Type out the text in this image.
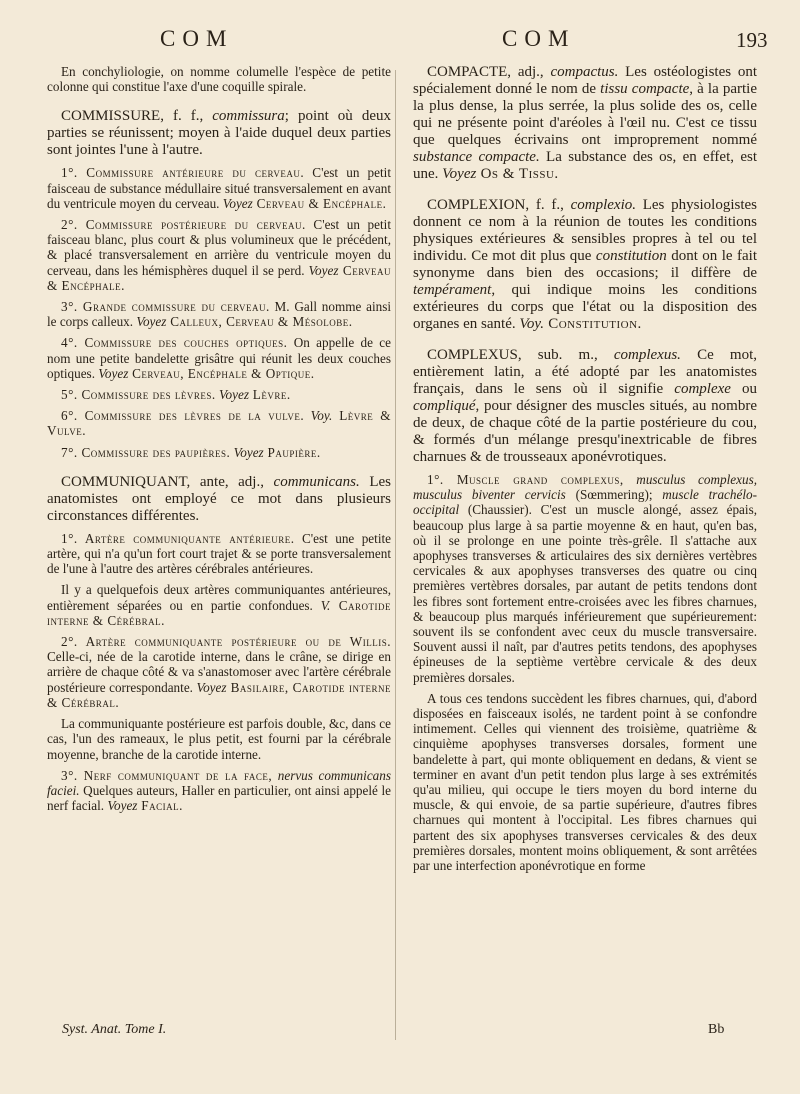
COM	COM	193

En conchyliologie, on nomme columelle l'espèce de petite colonne qui constitue l'axe d'une coquille spirale.

COMMISSURE, f. f., commissura; point où deux parties se réunissent; moyen à l'aide duquel deux parties sont jointes l'une à l'autre.

1°. Commissure antérieure du cerveau. C'est un petit faisceau de substance médullaire situé transversalement en avant du ventricule moyen du cerveau. Voyez Cerveau & Encéphale.

2°. Commissure postérieure du cerveau. C'est un petit faisceau blanc, plus court & plus volumineux que le précédent, & placé transversalement en arrière du ventricule moyen du cerveau, dans les hémisphères duquel il se perd. Voyez Cerveau & Encéphale.

3°. Grande commissure du cerveau. M. Gall nomme ainsi le corps calleux. Voyez Calleux, Cerveau & Mésolobe.

4°. Commissure des couches optiques. On appelle de ce nom une petite bandelette grisâtre qui réunit les deux couches optiques. Voyez Cerveau, Encéphale & Optique.

5°. Commissure des lèvres. Voyez Lèvre.

6°. Commissure des lèvres de la vulve. Voy. Lèvre & Vulve.

7°. Commissure des paupières. Voyez Paupière.

COMMUNIQUANT, ante, adj., communicans. Les anatomistes ont employé ce mot dans plusieurs circonstances différentes.

1°. Artère communiquante antérieure. C'est une petite artère, qui n'a qu'un fort court trajet & se porte transversalement de l'une à l'autre des artères cérébrales antérieures.

Il y a quelquefois deux artères communiquantes antérieures, entièrement séparées ou en partie confondues. V. Carotide interne & Cérébral.

2°. Artère communiquante postérieure ou de Willis. Celle-ci, née de la carotide interne, dans le crâne, se dirige en arrière de chaque côté & va s'anastomoser avec l'artère cérébrale postérieure correspondante. Voyez Basilaire, Carotide interne & Cérébral.

La communiquante postérieure est parfois double, &c, dans ce cas, l'un des rameaux, le plus petit, est fourni par la cérébrale moyenne, branche de la carotide interne.

3°. Nerf communiquant de la face, nervus communicans faciei. Quelques auteurs, Haller en particulier, ont ainsi appelé le nerf facial. Voyez Facial.

COMPACTE, adj., compactus. Les ostéologistes ont spécialement donné le nom de tissu compacte, à la partie la plus dense, la plus serrée, la plus solide des os, celle qui ne présente point d'aréoles à l'œil nu. C'est ce tissu que quelques écrivains ont improprement nommé substance compacte. La substance des os, en effet, est une. Voyez Os & Tissu.

COMPLEXION, f. f., complexio. Les physiologistes donnent ce nom à la réunion de toutes les conditions physiques extérieures & sensibles propres à tel ou tel individu. Ce mot dit plus que constitution dont on le fait synonyme dans bien des occasions; il diffère de tempérament, qui indique moins les conditions extérieures du corps que l'état ou la disposition des organes en santé. Voy. Constitution.

COMPLEXUS, sub. m., complexus. Ce mot, entièrement latin, a été adopté par les anatomistes français, dans le sens où il signifie complexe ou compliqué, pour désigner des muscles situés, au nombre de deux, de chaque côté de la partie postérieure du cou, & formés d'un mélange presqu'inextricable de fibres charnues & de trousseaux aponévrotiques.

1°. Muscle grand complexus, musculus complexus, musculus biventer cervicis (Sœmmering); muscle trachélo-occipital (Chaussier). C'est un muscle alongé, assez épais, beaucoup plus large à sa partie moyenne & en haut, qu'en bas, où il se prolonge en une pointe très-grêle. Il s'attache aux apophyses transverses & articulaires des six dernières vertèbres cervicales & aux apophyses transverses des quatre ou cinq premières vertèbres dorsales, par autant de petits tendons dont les fibres sont fortement entre-croisées avec les fibres charnues, & beaucoup plus marqués inférieurement que supérieurement: souvent ils se confondent avec ceux du muscle transversaire. Souvent aussi il naît, par d'autres petits tendons, des apophyses épineuses de la septième vertèbre cervicale & des deux premières dorsales.

A tous ces tendons succèdent les fibres charnues, qui, d'abord disposées en faisceaux isolés, ne tardent point à se confondre intimement. Celles qui viennent des troisième, quatrième & cinquième apophyses transverses dorsales, forment une bandelette à part, qui monte obliquement en dedans, & vient se terminer en avant d'un petit tendon plus large à ses extrémités qu'au milieu, qui occupe le tiers moyen du bord interne du muscle, & qui envoie, de sa partie supérieure, d'autres fibres charnues qui montent à l'occipital. Les fibres charnues qui partent des six apophyses transverses cervicales & des deux premières dorsales, montent moins obliquement, & sont arrêtées par une interfection aponévrotique en forme

Syst. Anat. Tome I.	Bb
